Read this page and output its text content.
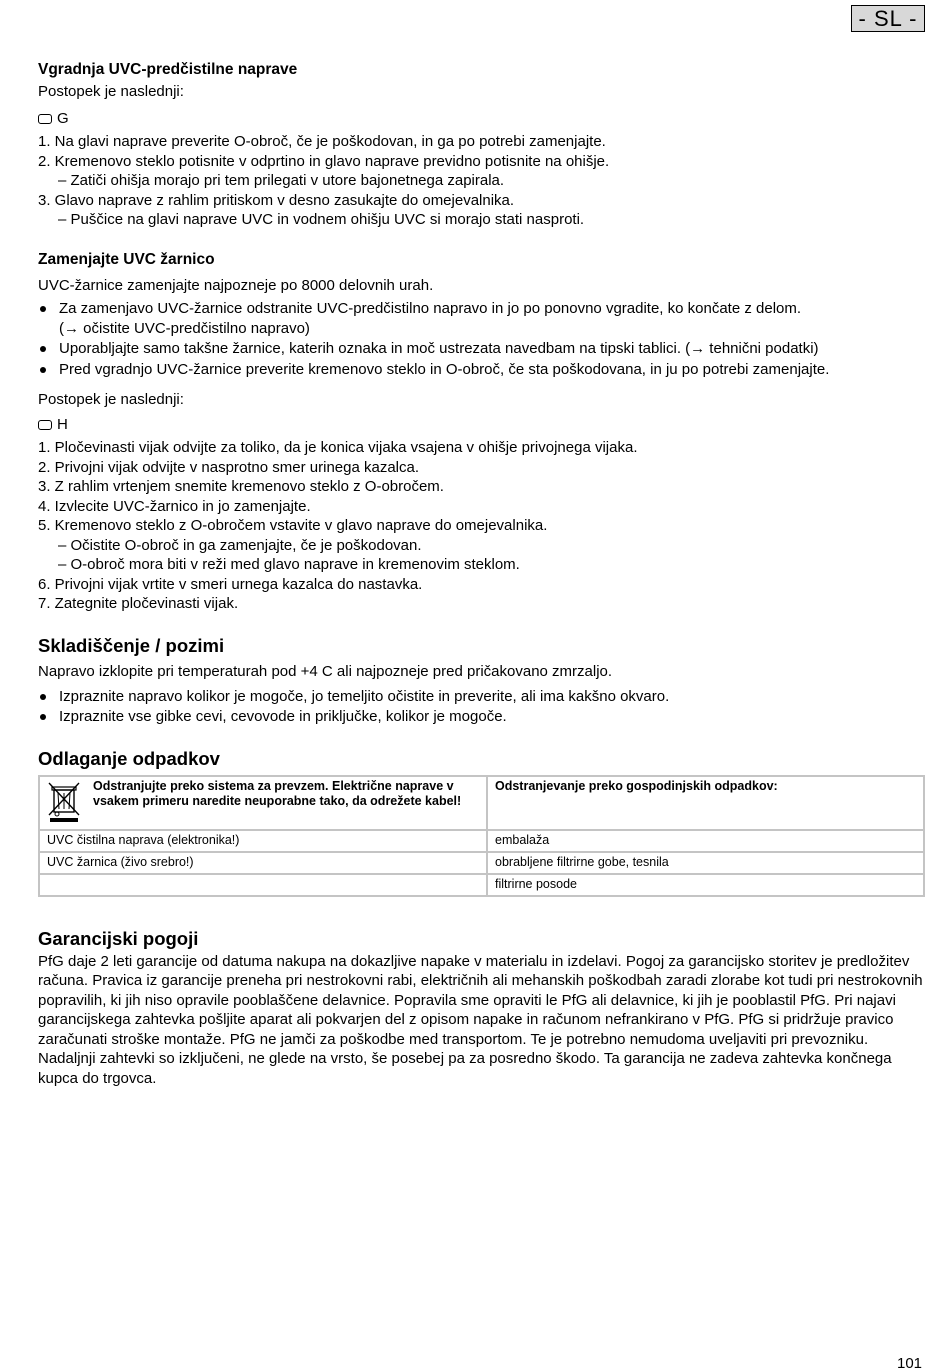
- SL -
Vgradnja UVC-predčistilne naprave
Postopek je naslednji:
G
1. Na glavi naprave preverite O-obroč, če je poškodovan, in ga po potrebi zamenjajte.
2. Kremenovo steklo potisnite v odprtino in glavo naprave previdno potisnite na ohišje.
– Zatiči ohišja morajo pri tem prilegati v utore bajonetnega zapirala.
3. Glavo naprave z rahlim pritiskom v desno zasukajte do omejevalnika.
– Puščice na glavi naprave UVC in vodnem ohišju UVC si morajo stati nasproti.
Zamenjajte UVC žarnico
UVC-žarnice zamenjajte najpozneje po 8000 delovnih urah.
Za zamenjavo UVC-žarnice odstranite UVC-predčistilno napravo in jo po ponovno vgradite, ko končate z delom.
(→ očistite UVC-predčistilno napravo)
Uporabljajte samo takšne žarnice, katerih oznaka in moč ustrezata navedbam na tipski tablici. (→ tehnični podatki)
Pred vgradnjo UVC-žarnice preverite kremenovo steklo in O-obroč, če sta poškodovana, in ju po potrebi zamenjajte.
Postopek je naslednji:
H
1. Pločevinasti vijak odvijte za toliko, da je konica vijaka vsajena v ohišje privojnega vijaka.
2. Privojni vijak odvijte v nasprotno smer urinega kazalca.
3. Z rahlim vrtenjem snemite kremenovo steklo z O-obročem.
4. Izvlecite UVC-žarnico in jo zamenjajte.
5. Kremenovo steklo z O-obročem vstavite v glavo naprave do omejevalnika.
– Očistite O-obroč in ga zamenjajte, če je poškodovan.
– O-obroč mora biti v reži med glavo naprave in kremenovim steklom.
6. Privojni vijak vrtite v smeri urnega kazalca do nastavka.
7. Zategnite pločevinasti vijak.
Skladiščenje / pozimi
Napravo izklopite pri temperaturah pod +4 C ali najpozneje pred pričakovano zmrzaljo.
Izpraznite napravo kolikor je mogoče, jo temeljito očistite in preverite, ali ima kakšno okvaro.
Izpraznite vse gibke cevi, cevovode in priključke, kolikor je mogoče.
Odlaganje odpadkov
Odstranjujte preko sistema za prevzem. Električne naprave v vsakem primeru naredite neuporabne tako, da odrežete kabel!	Odstranjevanje preko gospodinjskih odpadkov:
UVC čistilna naprava (elektronika!)	embalaža
UVC žarnica (živo srebro!)	obrabljene filtrirne gobe, tesnila
	filtrirne posode
Garancijski pogoji
PfG daje 2 leti garancije od datuma nakupa na dokazljive napake v materialu in izdelavi. Pogoj za garancijsko storitev je predložitev računa. Pravica iz garancije preneha pri nestrokovni rabi, električnih ali mehanskih poškodbah zaradi zlorabe kot tudi pri nestrokovnih popravilih, ki jih niso opravile pooblaščene delavnice. Popravila sme opraviti le PfG ali delavnice, ki jih je pooblastil PfG. Pri najavi garancijskega zahtevka pošljite aparat ali pokvarjen del z opisom napake in računom nefrankirano v PfG. PfG si pridržuje pravico zaračunati stroške montaže. PfG ne jamči za poškodbe med transportom. Te je potrebno nemudoma uveljaviti pri prevozniku. Nadaljnji zahtevki so izključeni, ne glede na vrsto, še posebej pa za posredno škodo. Ta garancija ne zadeva zahtevka končnega kupca do trgovca.
101
